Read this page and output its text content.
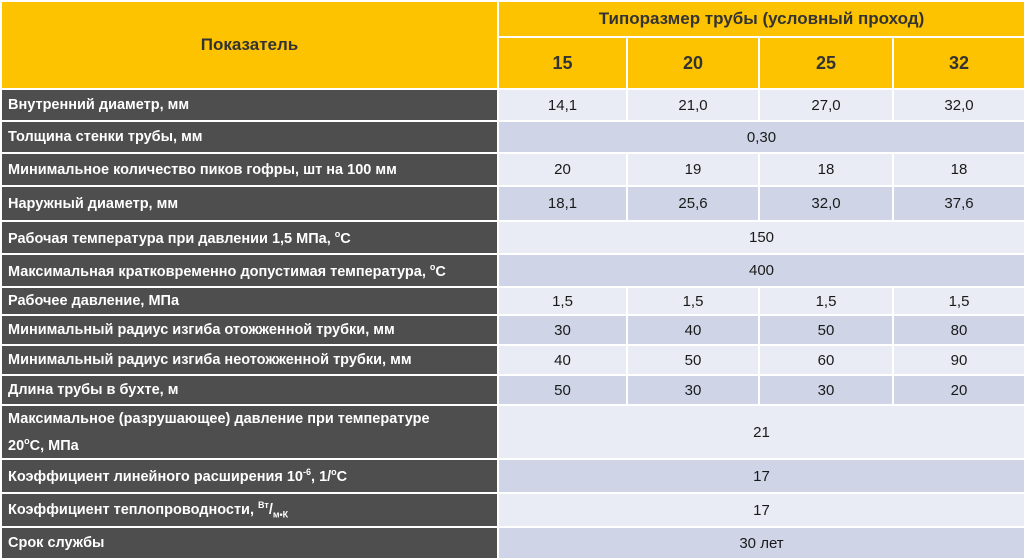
Показатель	Типоразмер трубы (условный проход)			
	15	20	25	32
Внутренний диаметр, мм	14,1	21,0	27,0	32,0
Толщина стенки трубы, мм	0,30			
Минимальное количество пиков гофры, шт на 100 мм	20	19	18	18
Наружный диаметр, мм	18,1	25,6	32,0	37,6
Рабочая температура при давлении 1,5 МПа, $^о$С	150			
Максимальная кратковременно допустимая температура, $^о$С	400			
Рабочее давление, МПа	1,5	1,5	1,5	1,5
Минимальный радиус изгиба отожженной трубки, мм	30	40	50	80
Минимальный радиус изгиба неотожженной трубки, мм	40	50	60	90
Длина трубы в бухте, м	50	30	30	20
Максимальное (разрушающее) давление при температуре
$20^оС$, МПа	21			
Коэффициент линейного расширения $10^{-6}$, 1/$^о$С	17			
Коэффициент теплопроводности, $^{Вт}/_{м•К}$	17			
Срок службы	30 лет			
